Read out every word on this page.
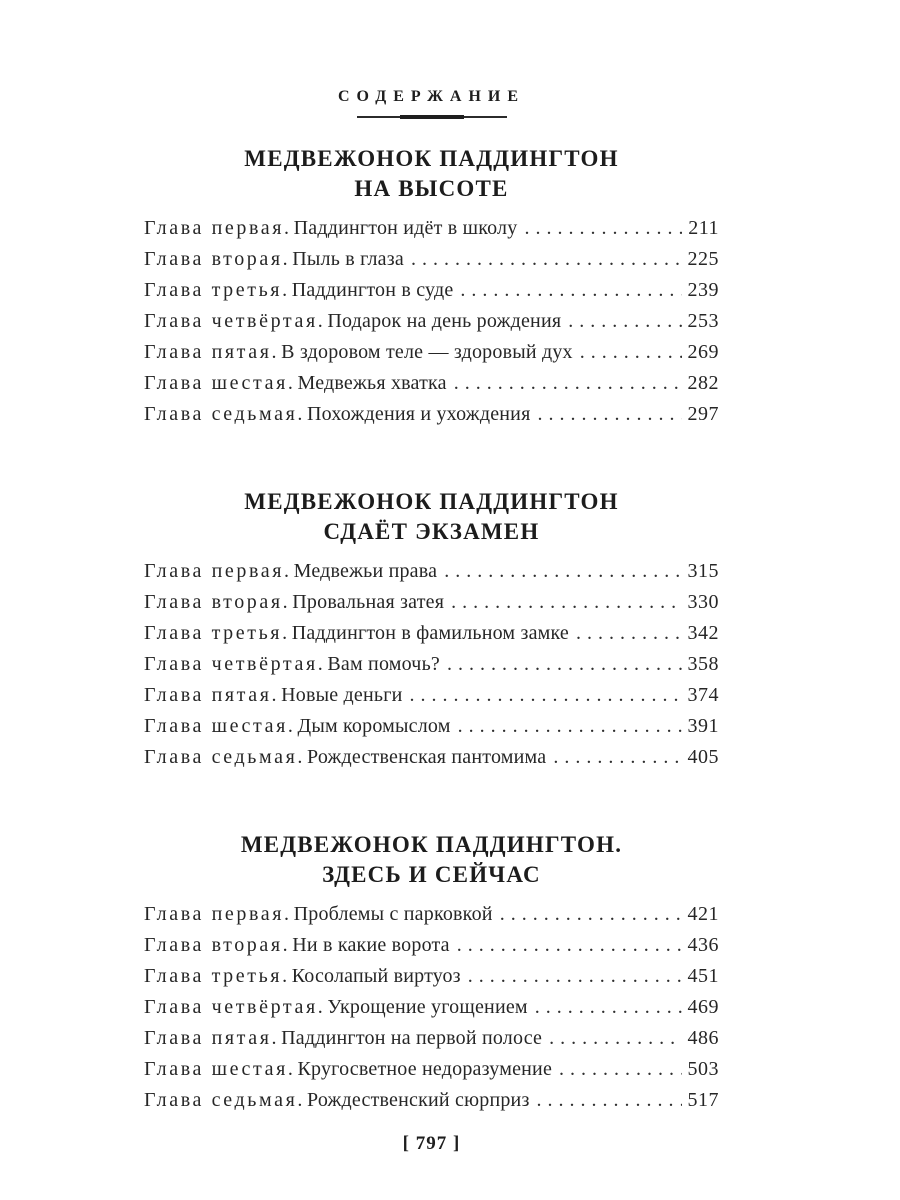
СОДЕРЖАНИЕ
МЕДВЕЖОНОК ПАДДИНГТОН
НА ВЫСОТЕ
Глава первая. Паддингтон идёт в школу .....	211
Глава вторая. Пыль в глаза .....	225
Глава третья. Паддингтон в суде .....	239
Глава четвёртая. Подарок на день рождения .....	253
Глава пятая. В здоровом теле — здоровый дух .....	269
Глава шестая. Медвежья хватка .....	282
Глава седьмая. Похождения и ухождения .....	297
МЕДВЕЖОНОК ПАДДИНГТОН
СДАЁТ ЭКЗАМЕН
Глава первая. Медвежьи права .....	315
Глава вторая. Провальная затея .....	330
Глава третья. Паддингтон в фамильном замке .....	342
Глава четвёртая. Вам помочь? .....	358
Глава пятая. Новые деньги .....	374
Глава шестая. Дым коромыслом .....	391
Глава седьмая. Рождественская пантомима .....	405
МЕДВЕЖОНОК ПАДДИНГТОН.
ЗДЕСЬ И СЕЙЧАС
Глава первая. Проблемы с парковкой .....	421
Глава вторая. Ни в какие ворота .....	436
Глава третья. Косолапый виртуоз .....	451
Глава четвёртая. Укрощение угощением .....	469
Глава пятая. Паддингтон на первой полосе .....	486
Глава шестая. Кругосветное недоразумение .....	503
Глава седьмая. Рождественский сюрприз .....	517
[ 797 ]
